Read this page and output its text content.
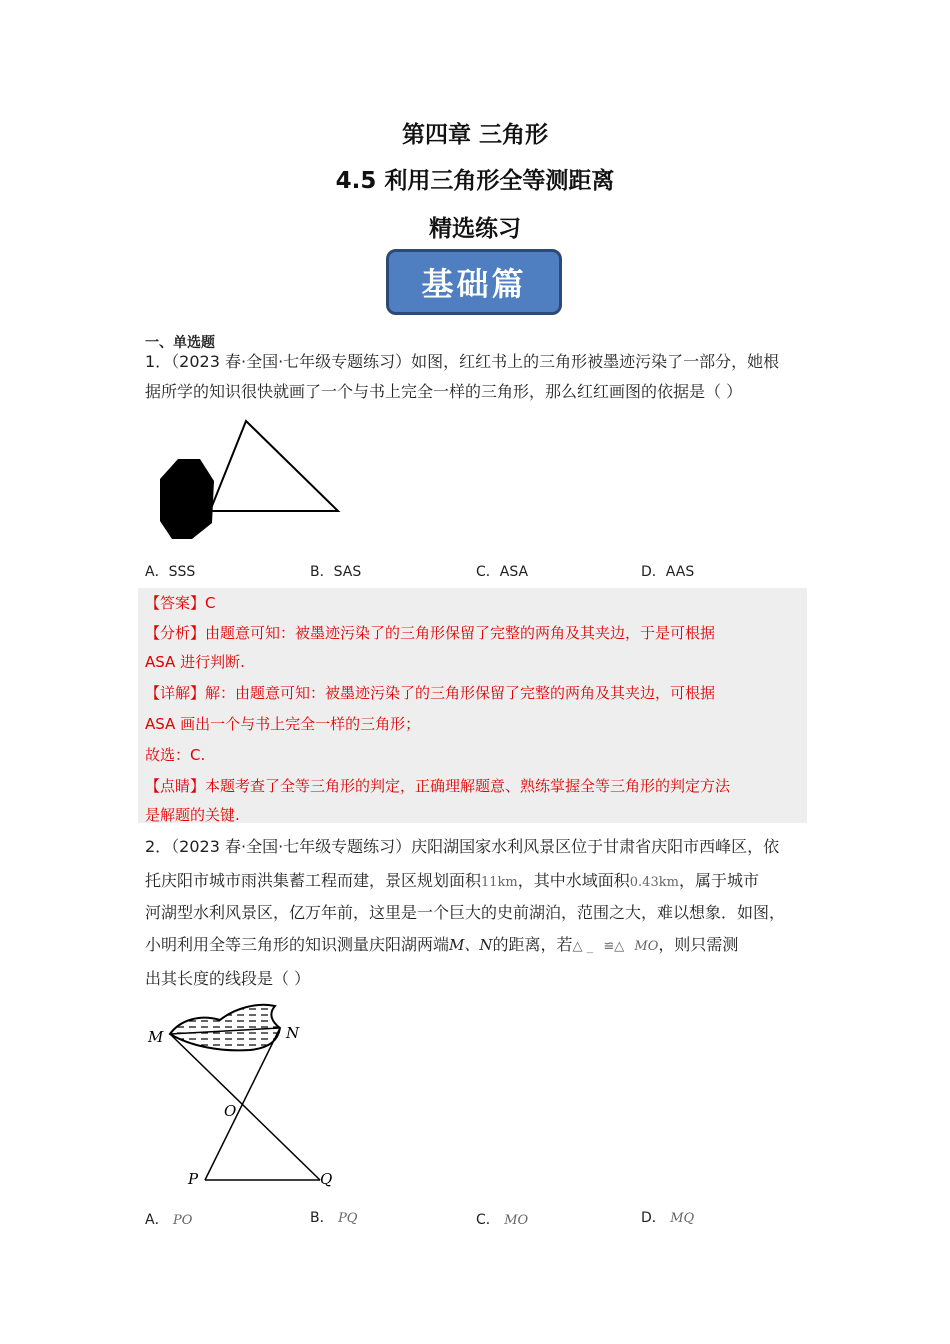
第四章 三角形
4.5 利用三角形全等测距离
精选练习
基础篇
一、单选题
1．（2023 春·全国·七年级专题练习）如图，红红书上的三角形被墨迹污染了一部分，她根
据所学的知识很快就画了一个与书上完全一样的三角形，那么红红画图的依据是（ ）
A．SSS	B．SAS	C．ASA	D．AAS
【答案】C
【分析】由题意可知：被墨迹污染了的三角形保留了完整的两角及其夹边，于是可根据
ASA 进行判断.
【详解】解：由题意可知：被墨迹污染了的三角形保留了完整的两角及其夹边，可根据
ASA 画出一个与书上完全一样的三角形；
故选：C.
【点睛】本题考查了全等三角形的判定，正确理解题意、熟练掌握全等三角形的判定方法
是解题的关键.
2．（2023 春·全国·七年级专题练习）庆阳湖国家水利风景区位于甘肃省庆阳市西峰区，依
托庆阳市城市雨洪集蓄工程而建，景区规划面积11km，其中水域面积0.43km，属于城市
河湖型水利风景区，亿万年前，这里是一个巨大的史前湖泊，范围之大，难以想象．如图，
小明利用全等三角形的知识测量庆阳湖两端M、N的距离，若△ _ ≌△ MO，则只需测
出其长度的线段是（ ）
M	N
O
P	Q
A． PO	B． PQ	C． MO	D． MQ
